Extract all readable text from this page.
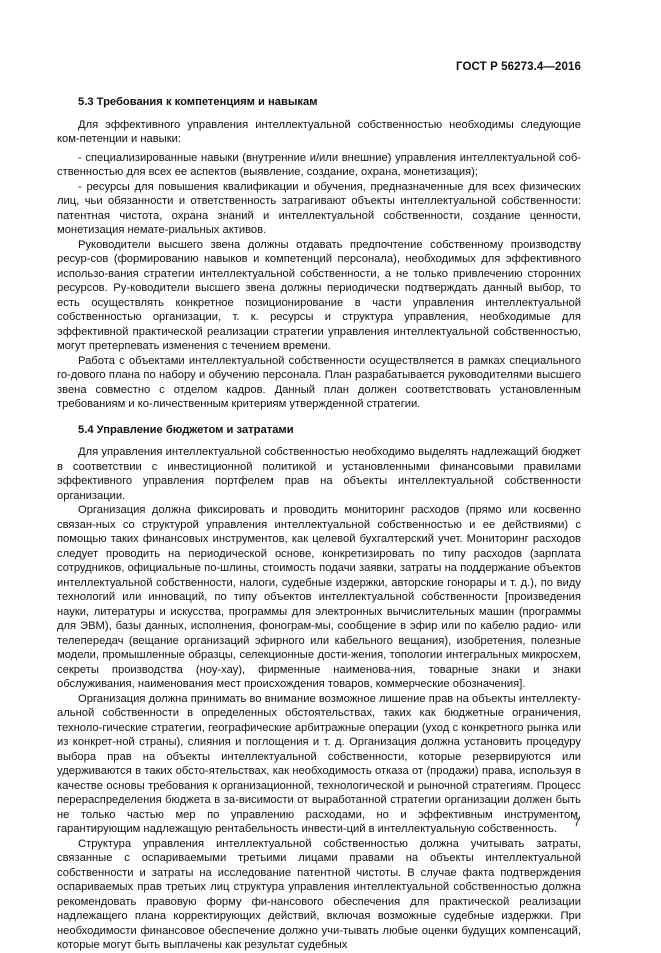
ГОСТ Р 56273.4—2016
5.3 Требования к компетенциям и навыкам

Для эффективного управления интеллектуальной собственностью необходимы следующие ком-петенции и навыки:

- специализированные навыки (внутренние и/или внешние) управления интеллектуальной соб-ственностью для всех ее аспектов (выявление, создание, охрана, монетизация);

- ресурсы для повышения квалификации и обучения, предназначенные для всех физических лиц, чьи обязанности и ответственность затрагивают объекты интеллектуальной собственности: патентная чистота, охрана знаний и интеллектуальной собственности, создание ценности, монетизация немате-риальных активов.

Руководители высшего звена должны отдавать предпочтение собственному производству ресур-сов (формированию навыков и компетенций персонала), необходимых для эффективного использо-вания стратегии интеллектуальной собственности, а не только привлечению сторонних ресурсов. Ру-ководители высшего звена должны периодически подтверждать данный выбор, то есть осуществлять конкретное позиционирование в части управления интеллектуальной собственностью организации, т. к. ресурсы и структура управления, необходимые для эффективной практической реализации стратегии управления интеллектуальной собственностью, могут претерпевать изменения с течением времени.

Работа с объектами интеллектуальной собственности осуществляется в рамках специального го-дового плана по набору и обучению персонала. План разрабатывается руководителями высшего звена совместно с отделом кадров. Данный план должен соответствовать установленным требованиям и ко-личественным критериям утвержденной стратегии.

5.4 Управление бюджетом и затратами

Для управления интеллектуальной собственностью необходимо выделять надлежащий бюджет в соответствии с инвестиционной политикой и установленными финансовыми правилами эффективного управления портфелем прав на объекты интеллектуальной собственности организации.

Организация должна фиксировать и проводить мониторинг расходов (прямо или косвенно связан-ных со структурой управления интеллектуальной собственностью и ее действиями) с помощью таких финансовых инструментов, как целевой бухгалтерский учет. Мониторинг расходов следует проводить на периодической основе, конкретизировать по типу расходов (зарплата сотрудников, официальные по-шлины, стоимость подачи заявки, затраты на поддержание объектов интеллектуальной собственности, налоги, судебные издержки, авторские гонорары и т. д.), по виду технологий или инноваций, по типу объектов интеллектуальной собственности [произведения науки, литературы и искусства, программы для электронных вычислительных машин (программы для ЭВМ), базы данных, исполнения, фонограм-мы, сообщение в эфир или по кабелю радио- или телепередач (вещание организаций эфирного или кабельного вещания), изобретения, полезные модели, промышленные образцы, селекционные дости-жения, топологии интегральных микросхем, секреты производства (ноу-хау), фирменные наименова-ния, товарные знаки и знаки обслуживания, наименования мест происхождения товаров, коммерческие обозначения].

Организация должна принимать во внимание возможное лишение прав на объекты интеллекту-альной собственности в определенных обстоятельствах, таких как бюджетные ограничения, техноло-гические стратегии, географические арбитражные операции (уход с конкретного рынка или из конкрет-ной страны), слияния и поглощения и т. д. Организация должна установить процедуру выбора прав на объекты интеллектуальной собственности, которые резервируются или удерживаются в таких обсто-ятельствах, как необходимость отказа от (продажи) права, используя в качестве основы требования к организационной, технологической и рыночной стратегиям. Процесс перераспределения бюджета в за-висимости от выработанной стратегии организации должен быть не только частью мер по управлению расходами, но и эффективным инструментом, гарантирующим надлежащую рентабельность инвести-ций в интеллектуальную собственность.

Структура управления интеллектуальной собственностью должна учитывать затраты, связанные с оспариваемыми третьими лицами правами на объекты интеллектуальной собственности и затраты на исследование патентной чистоты. В случае факта подтверждения оспариваемых прав третьих лиц структура управления интеллектуальной собственностью должна рекомендовать правовую форму фи-нансового обеспечения для практической реализации надлежащего плана корректирующих действий, включая возможные судебные издержки. При необходимости финансовое обеспечение должно учи-тывать любые оценки будущих компенсаций, которые могут быть выплачены как результат судебных

7
